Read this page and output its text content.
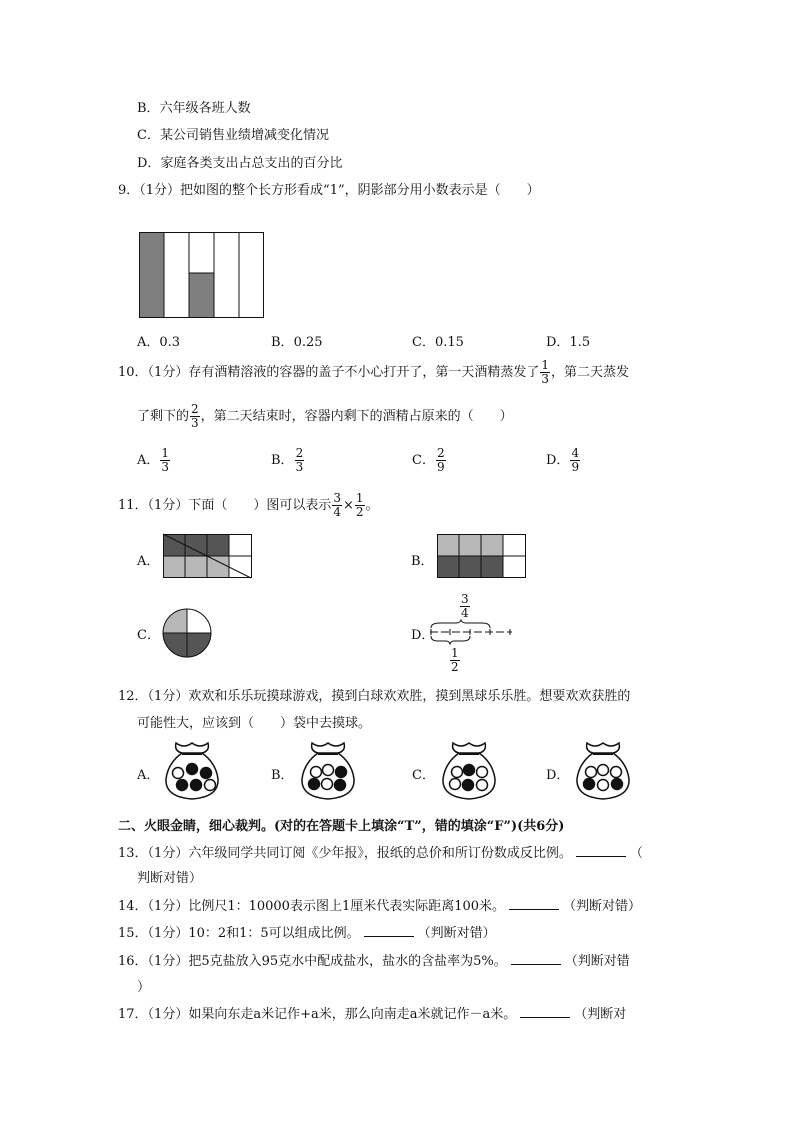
B．六年级各班人数
C．某公司销售业绩增减变化情况
D．家庭各类支出占总支出的百分比
9．（1分）把如图的整个长方形看成“1”，阴影部分用小数表示是（　　）
A．0.3	B．0.25	C．0.15	D．1.5
10．（1分）存有酒精溶液的容器的盖子不小心打开了，第一天酒精蒸发了 $\frac{1}{3}$ ，第二天蒸发
了剩下的 $\frac{2}{3}$ ，第二天结束时，容器内剩下的酒精占原来的（　　）
A． $\frac{1}{3}$	B． $\frac{2}{3}$	C． $\frac{2}{9}$	D． $\frac{4}{9}$
11．（1分）下面（　　）图可以表示 $\frac{3}{4} \times \frac{1}{2}$ 。
A．	B．
C．	D．
$\frac{3}{4}$
$\frac{1}{2}$
12．（1分）欢欢和乐乐玩摸球游戏，摸到白球欢欢胜，摸到黑球乐乐胜。想要欢欢获胜的
可能性大，应该到（　　）袋中去摸球。
A．	B．	C．	D．
二、火眼金睛，细心裁判。(对的在答题卡上填涂“T”，错的填涂“F”)(共6分)
13．（1分）六年级同学共同订阅《少年报》，报纸的总价和所订份数成反比例。	（
判断对错）
14．（1分）比例尺1：10000表示图上1厘米代表实际距离100米。	（判断对错）
15．（1分）10：2和1：5可以组成比例。	（判断对错）
16．（1分）把5克盐放入95克水中配成盐水，盐水的含盐率为5%。	（判断对错
）
17．（1分）如果向东走a米记作+a米，那么向南走a米就记作－a米。	（判断对
